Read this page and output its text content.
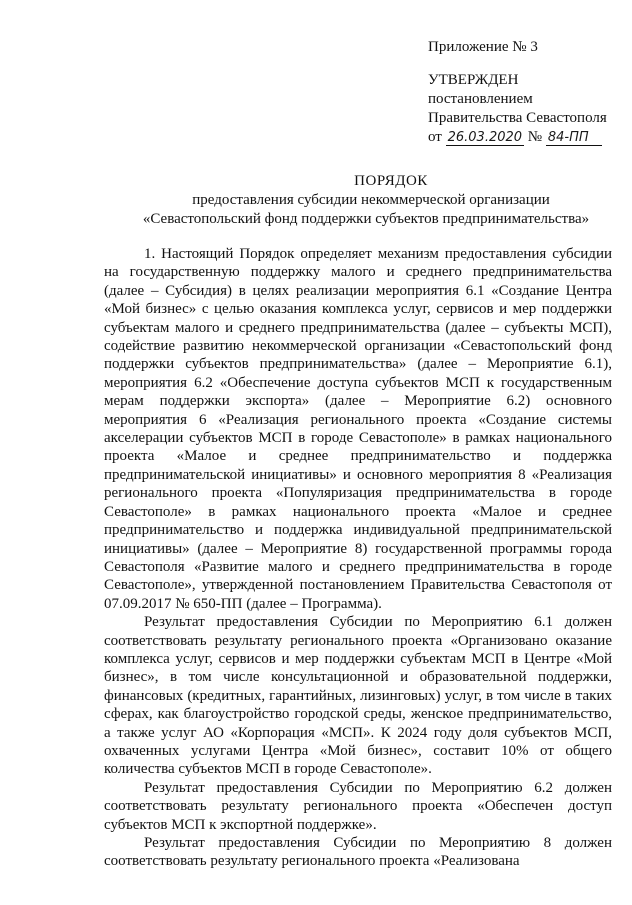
Приложение № 3
УТВЕРЖДЕН
постановлением
Правительства Севастополя
от 26.03.2020 № 84-ПП
ПОРЯДОК
предоставления субсидии некоммерческой организации
«Севастопольский фонд поддержки субъектов предпринимательства»

1. Настоящий Порядок определяет механизм предоставления субсидии на государственную поддержку малого и среднего предпринимательства (далее – Субсидия) в целях реализации мероприятия 6.1 «Создание Центра «Мой бизнес» с целью оказания комплекса услуг, сервисов и мер поддержки субъектам малого и среднего предпринимательства (далее – субъекты МСП), содействие развитию некоммерческой организации «Севастопольский фонд поддержки субъектов предпринимательства» (далее – Мероприятие 6.1), мероприятия 6.2 «Обеспечение доступа субъектов МСП к государственным мерам поддержки экспорта» (далее – Мероприятие 6.2) основного мероприятия 6 «Реализация регионального проекта «Создание системы акселерации субъектов МСП в городе Севастополе» в рамках национального проекта «Малое и среднее предпринимательство и поддержка предпринимательской инициативы» и основного мероприятия 8 «Реализация регионального проекта «Популяризация предпринимательства в городе Севастополе» в рамках национального проекта «Малое и среднее предпринимательство и поддержка индивидуальной предпринимательской инициативы» (далее – Мероприятие 8) государственной программы города Севастополя «Развитие малого и среднего предпринимательства в городе Севастополе», утвержденной постановлением Правительства Севастополя от 07.09.2017 № 650-ПП (далее – Программа).

Результат предоставления Субсидии по Мероприятию 6.1 должен соответствовать результату регионального проекта «Организовано оказание комплекса услуг, сервисов и мер поддержки субъектам МСП в Центре «Мой бизнес», в том числе консультационной и образовательной поддержки, финансовых (кредитных, гарантийных, лизинговых) услуг, в том числе в таких сферах, как благоустройство городской среды, женское предпринимательство, а также услуг АО «Корпорация «МСП». К 2024 году доля субъектов МСП, охваченных услугами Центра «Мой бизнес», составит 10% от общего количества субъектов МСП в городе Севастополе».

Результат предоставления Субсидии по Мероприятию 6.2 должен соответствовать результату регионального проекта «Обеспечен доступ субъектов МСП к экспортной поддержке».

Результат предоставления Субсидии по Мероприятию 8 должен соответствовать результату регионального проекта «Реализована
